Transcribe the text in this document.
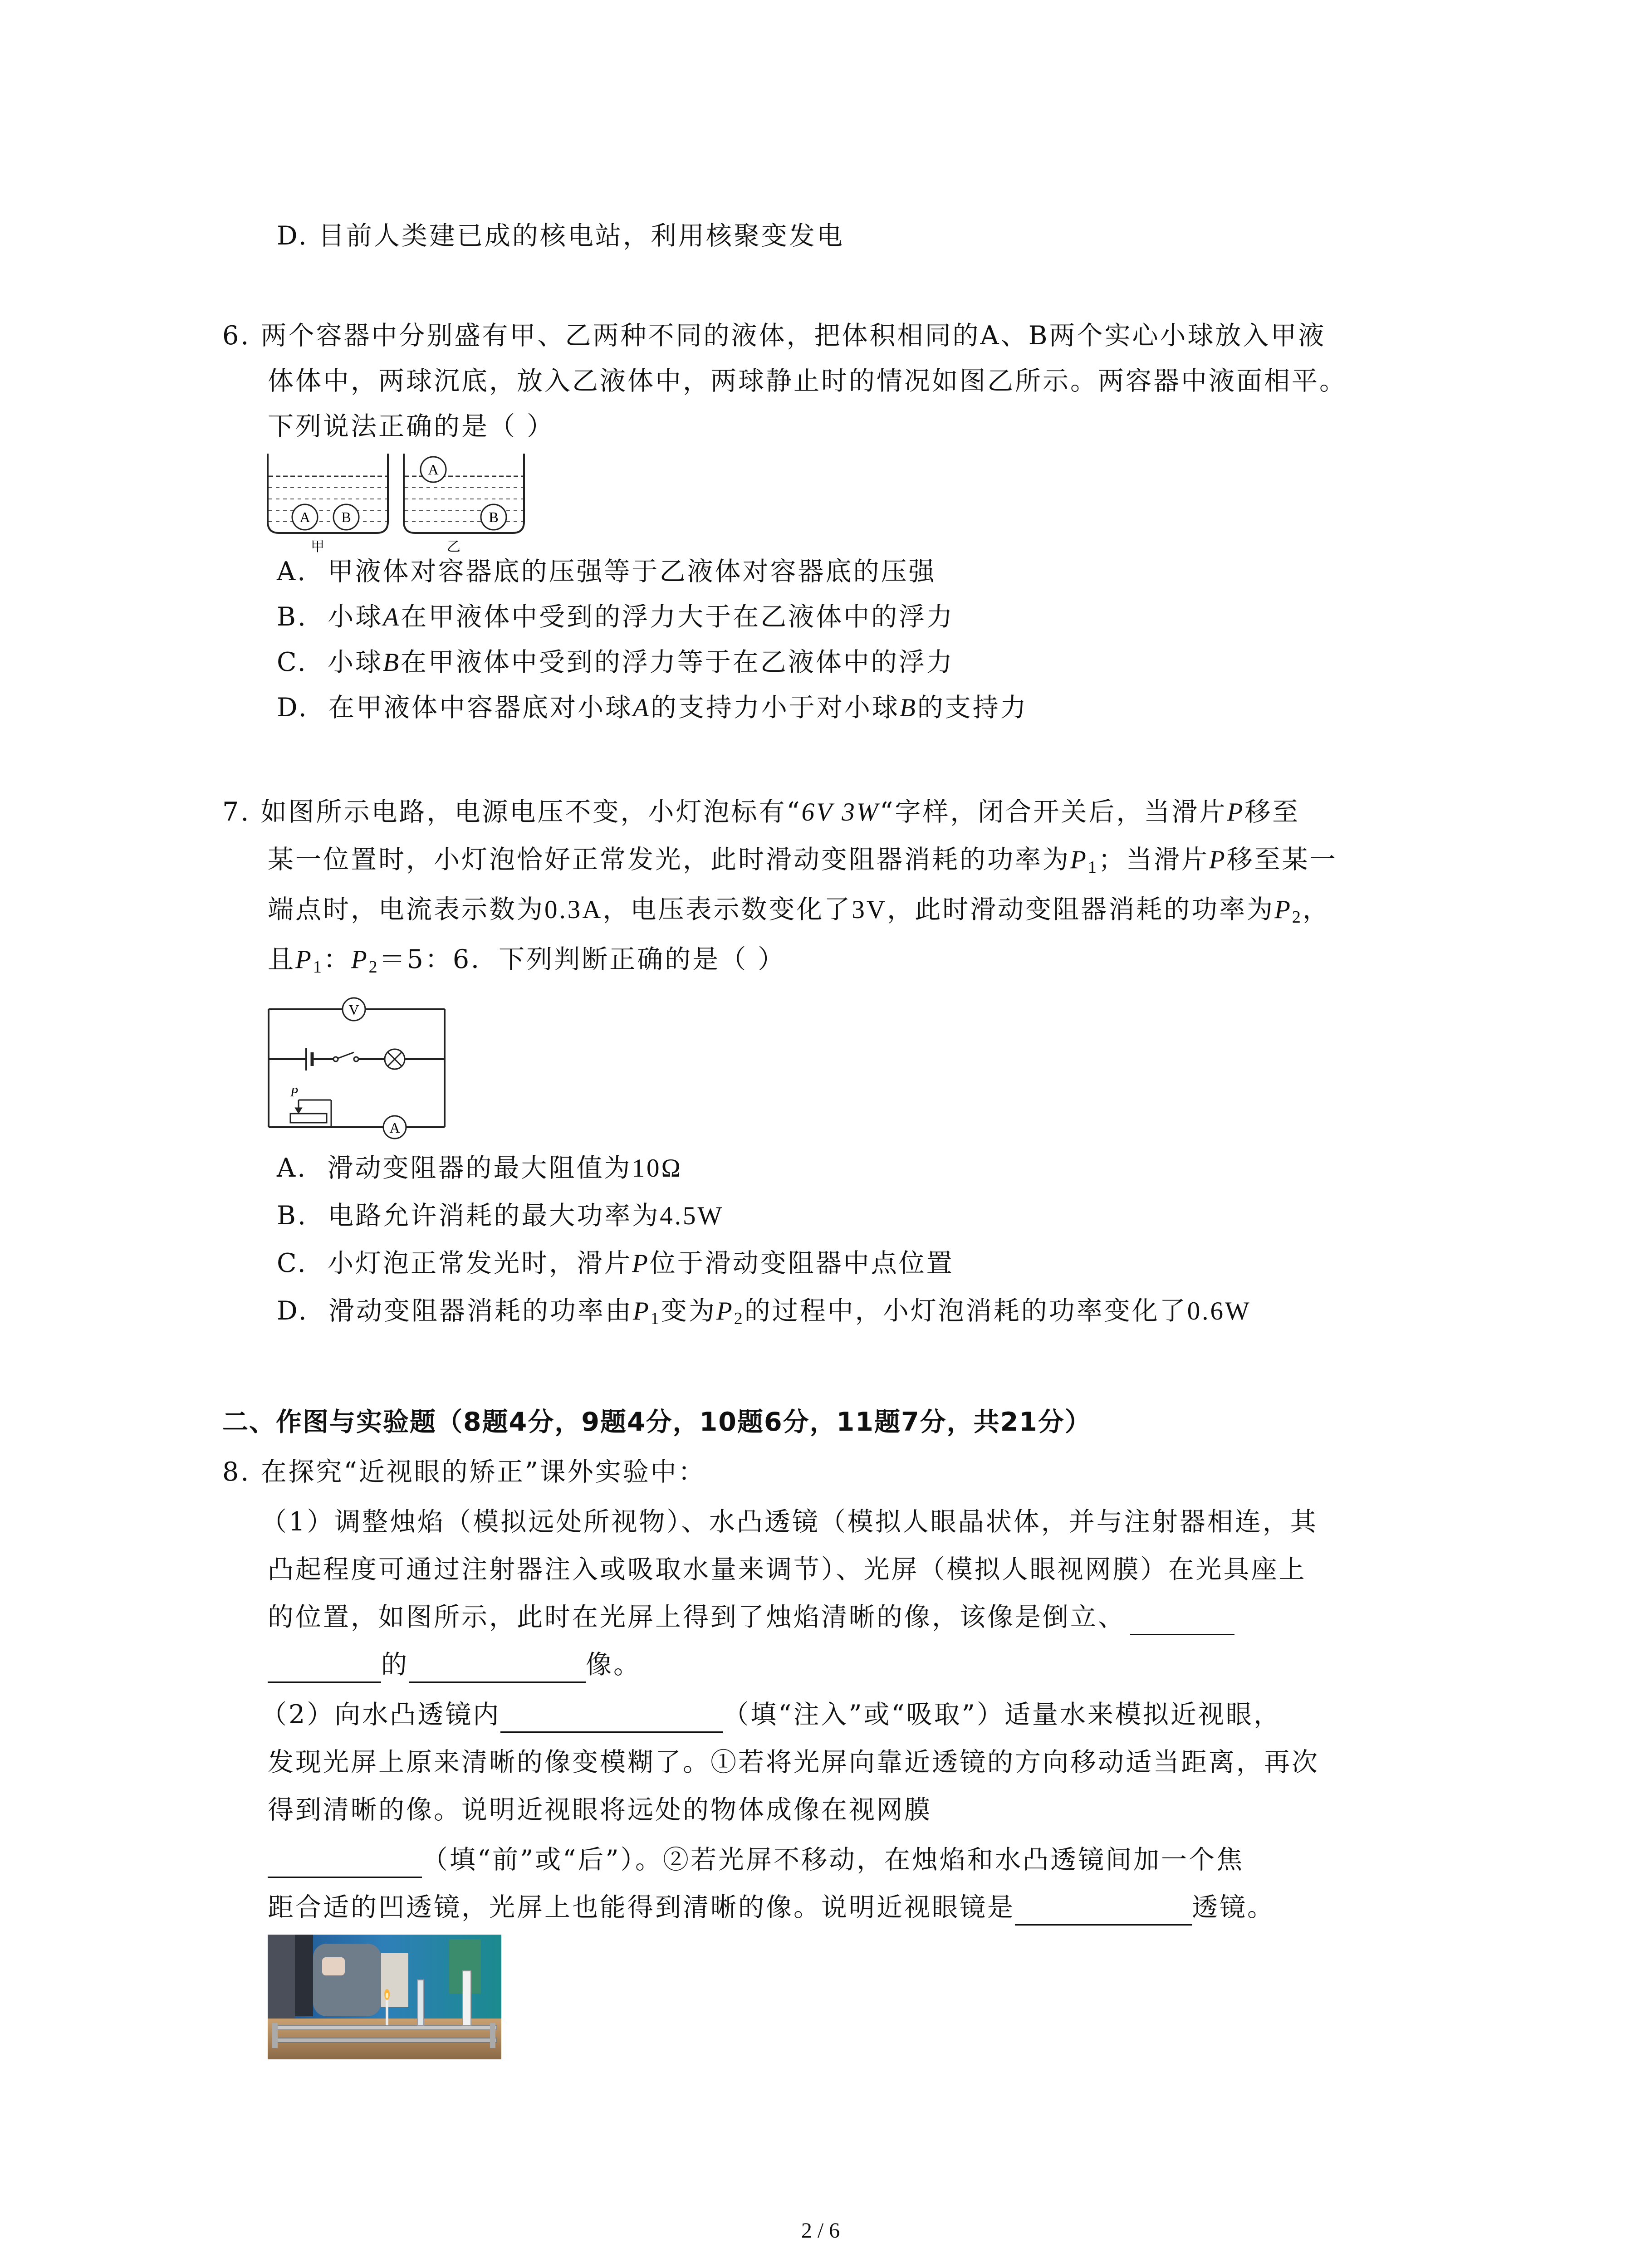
D. 目前人类建已成的核电站，利用核聚变发电
6. 两个容器中分别盛有甲、乙两种不同的液体，把体积相同的A、B两个实心小球放入甲液
体体中，两球沉底，放入乙液体中，两球静止时的情况如图乙所示。两容器中液面相平。
下列说法正确的是（ ）
A B
A
B
甲	乙
A. 甲液体对容器底的压强等于乙液体对容器底的压强
B. 小球A在甲液体中受到的浮力大于在乙液体中的浮力
C. 小球B在甲液体中受到的浮力等于在乙液体中的浮力
D. 在甲液体中容器底对小球A的支持力小于对小球B的支持力
7. 如图所示电路，电源电压不变，小灯泡标有“6V 3W“字样，闭合开关后，当滑片P移至
某一位置时，小灯泡恰好正常发光，此时滑动变阻器消耗的功率为$P_1$；当滑片P移至某一
端点时，电流表示数为0.3A，电压表示数变化了3V，此时滑动变阻器消耗的功率为$P_2$，
且$P_1$：$P_2=5$：6．下列判断正确的是（ ）
V
A
P
A. 滑动变阻器的最大阻值为10Ω
B. 电路允许消耗的最大功率为4.5W
C. 小灯泡正常发光时，滑片P位于滑动变阻器中点位置
D. 滑动变阻器消耗的功率由$P_1$变为$P_2$的过程中，小灯泡消耗的功率变化了0.6W
二、作图与实验题（8题4分，9题4分，10题6分，11题7分，共21分）
8. 在探究“近视眼的矫正”课外实验中：
（1）调整烛焰（模拟远处所视物）、水凸透镜（模拟人眼晶状体，并与注射器相连，其
凸起程度可通过注射器注入或吸取水量来调节）、光屏（模拟人眼视网膜）在光具座上
的位置，如图所示，此时在光屏上得到了烛焰清晰的像，该像是倒立、
的	像。
（2）向水凸透镜内	（填“注入”或“吸取”）适量水来模拟近视眼，
发现光屏上原来清晰的像变模糊了。①若将光屏向靠近透镜的方向移动适当距离，再次
得到清晰的像。说明近视眼将远处的物体成像在视网膜
（填“前”或“后”）。②若光屏不移动，在烛焰和水凸透镜间加一个焦
距合适的凹透镜，光屏上也能得到清晰的像。说明近视眼镜是	透镜。
2 / 6
